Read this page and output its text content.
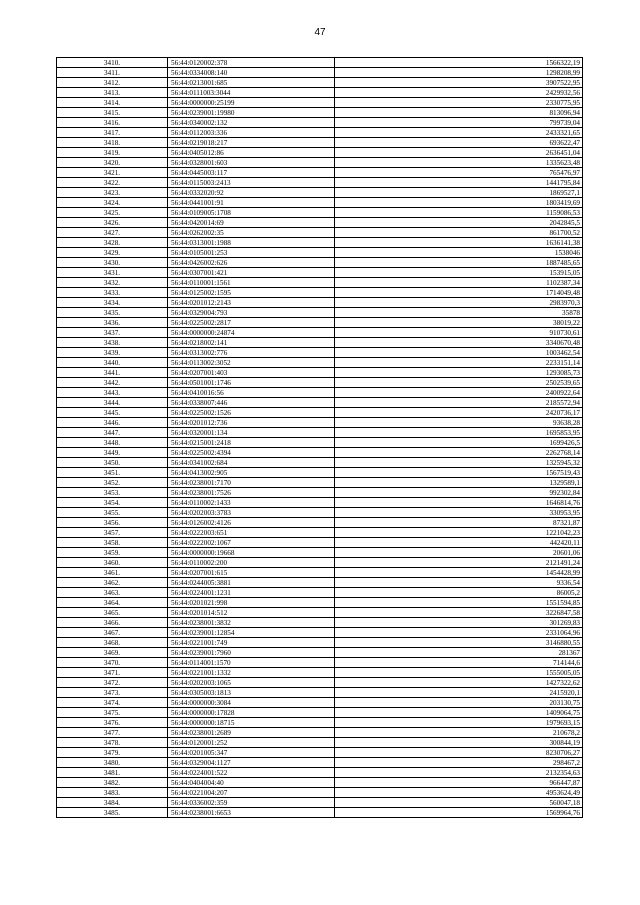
47
3410.	56:44:0120002:378	1566322,19
3411.	56:44:0334008:140	1298208,99
3412.	56:44:0213001:685	3907522,95
3413.	56:44:0111003:3044	2429932,56
3414.	56:44:0000000:25199	2330775,95
3415.	56:44:0239001:19980	813096,94
3416.	56:44:0340002:132	799739,04
3417.	56:44:0112003:336	2433321,65
3418.	56:44:0219018:217	693622,47
3419.	56:44:0405012:86	2636451,04
3420.	56:44:0328001:603	1335623,48
3421.	56:44:0445003:117	765476,97
3422.	56:44:0115003:2413	1441795,84
3423.	56:44:0332020:92	1869527,1
3424.	56:44:0441001:91	1803419,69
3425.	56:44:0109005:1708	1159086,53
3426.	56:44:0420014:69	2042845,5
3427.	56:44:0262002:35	861700,52
3428.	56:44:0313001:1988	1636141,38
3429.	56:44:0105001:253	1538046
3430.	56:44:0426002:626	1887485,65
3431.	56:44:0307001:421	153915,05
3432.	56:44:0110001:1561	1102387,34
3433.	56:44:0125002:1595	1714049,48
3434.	56:44:0201012:2143	2983970,3
3435.	56:44:0329004:793	35878
3436.	56:44:0225002:2817	38019,22
3437.	56:44:0000000:24874	910730,61
3438.	56:44:0218002:141	3340670,48
3439.	56:44:0313002:776	1003462,54
3440.	56:44:0113002:3052	2233151,14
3441.	56:44:0207001:403	1293085,73
3442.	56:44:0501001:1746	2502539,65
3443.	56:44:0410016:56	2400922,64
3444.	56:44:0338007:446	2185572,94
3445.	56:44:0225002:1526	2420736,17
3446.	56:44:0201012:736	93638,28
3447.	56:44:0320001:134	1695853,95
3448.	56:44:0215001:2418	1699426,5
3449.	56:44:0225002:4394	2262768,14
3450.	56:44:0341002:684	1325945,32
3451.	56:44:0413002:905	1567519,43
3452.	56:44:0238001:7170	1329589,1
3453.	56:44:0238001:7526	992302,84
3454.	56:44:0110002:1433	1646814,76
3455.	56:44:0202003:3783	330953,95
3456.	56:44:0126002:4126	87321,87
3457.	56:44:0222003:651	1221042,23
3458.	56:44:0222002:1067	442420,11
3459.	56:44:0000000:19668	20601,06
3460.	56:44:0110002:200	2121491,24
3461.	56:44:0207001:615	1454428,99
3462.	56:44:0244005:3881	9336,54
3463.	56:44:0224001:1231	86005,2
3464.	56:44:0201021:998	1551594,85
3465.	56:44:0201014:512	3226847,58
3466.	56:44:0238001:3832	301269,83
3467.	56:44:0239001:12854	2331064,96
3468.	56:44:0221001:749	3146880,55
3469.	56:44:0239001:7960	281367
3470.	56:44:0114001:1570	714144,6
3471.	56:44:0221001:1332	1555005,05
3472.	56:44:0202003:1065	1427322,62
3473.	56:44:0305003:1813	2415920,1
3474.	56:44:0000000:3084	203130,75
3475.	56:44:0000000:17828	1409064,75
3476.	56:44:0000000:18715	1979693,15
3477.	56:44:0238001:2689	210678,2
3478.	56:44:0120001:252	300844,19
3479.	56:44:0201005:347	8230706,27
3480.	56:44:0329004:1127	298467,2
3481.	56:44:0224001:522	2132354,63
3482.	56:44:0404004:40	966447,87
3483.	56:44:0221004:207	4953624,49
3484.	56:44:0336002:359	560047,18
3485.	56:44:0238001:6653	1569964,76
